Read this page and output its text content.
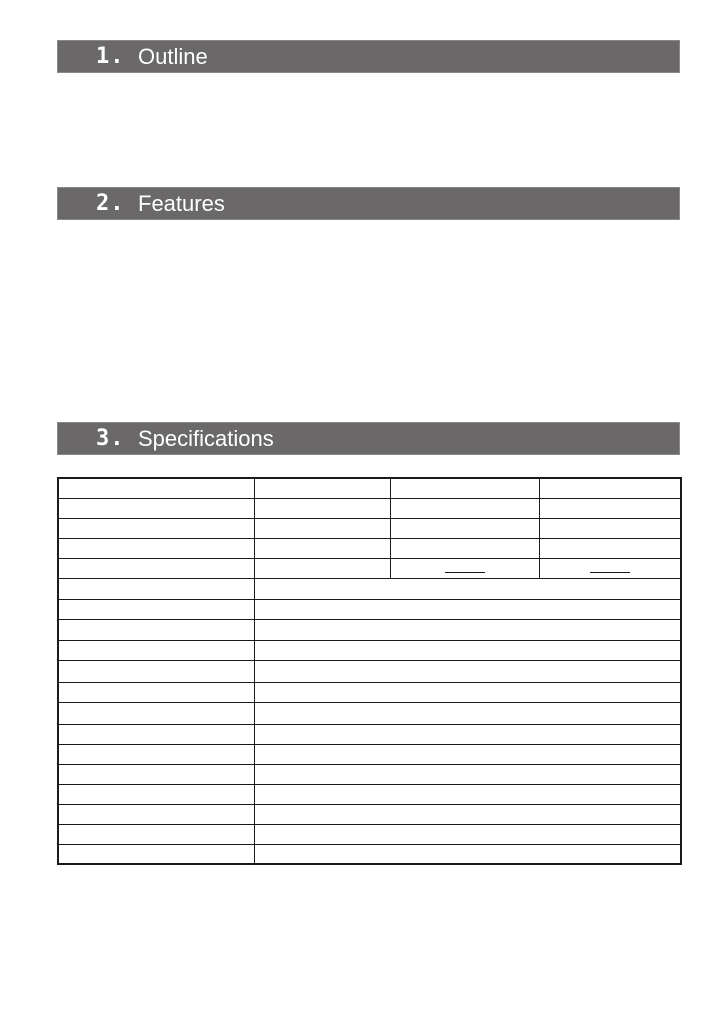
1. Outline
2. Features
3. Specifications
